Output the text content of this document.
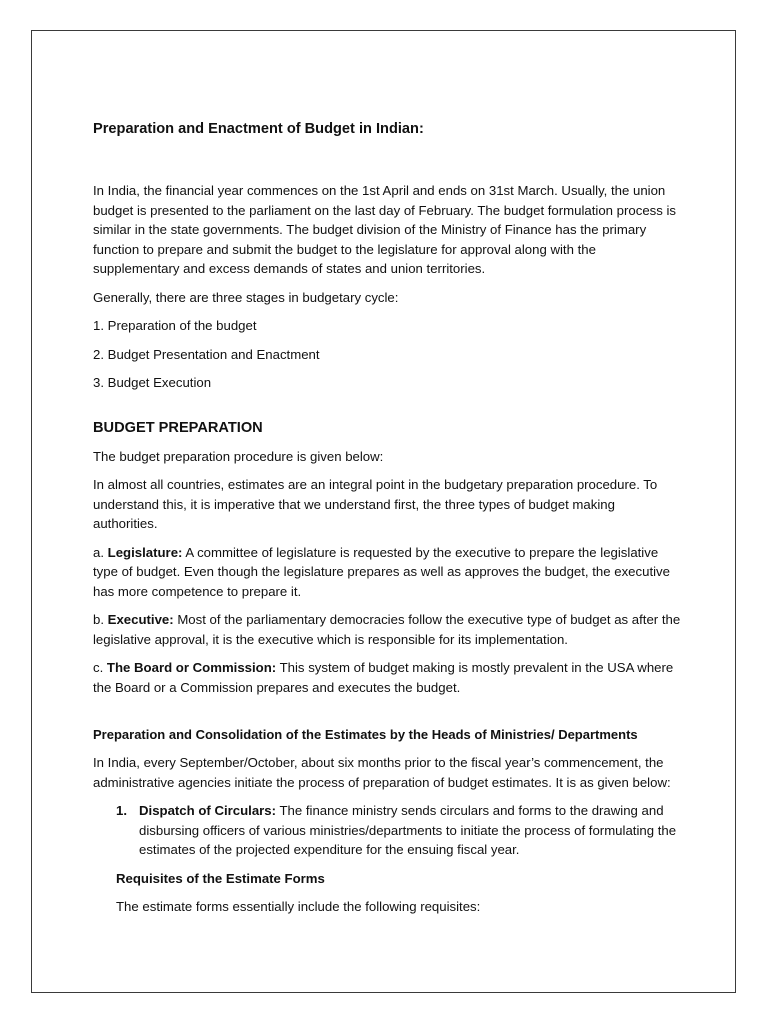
Preparation and Enactment of Budget in Indian:

In India, the financial year commences on the 1st April and ends on 31st March. Usually, the union budget is presented to the parliament on the last day of February. The budget formulation process is similar in the state governments. The budget division of the Ministry of Finance has the primary function to prepare and submit the budget to the legislature for approval along with the supplementary and excess demands of states and union territories.

Generally, there are three stages in budgetary cycle:

1. Preparation of the budget

2. Budget Presentation and Enactment

3. Budget Execution

BUDGET PREPARATION

The budget preparation procedure is given below:

In almost all countries, estimates are an integral point in the budgetary preparation procedure. To understand this, it is imperative that we understand first, the three types of budget making authorities.

a. Legislature: A committee of legislature is requested by the executive to prepare the legislative type of budget. Even though the legislature prepares as well as approves the budget, the executive has more competence to prepare it.

b. Executive: Most of the parliamentary democracies follow the executive type of budget as after the legislative approval, it is the executive which is responsible for its implementation.

c. The Board or Commission: This system of budget making is mostly prevalent in the USA where the Board or a Commission prepares and executes the budget.

Preparation and Consolidation of the Estimates by the Heads of Ministries/ Departments

In India, every September/October, about six months prior to the fiscal year’s commencement, the administrative agencies initiate the process of preparation of budget estimates. It is as given below:

1. Dispatch of Circulars: The finance ministry sends circulars and forms to the drawing and disbursing officers of various ministries/departments to initiate the process of formulating the estimates of the projected expenditure for the ensuing fiscal year.

Requisites of the Estimate Forms

The estimate forms essentially include the following requisites:
